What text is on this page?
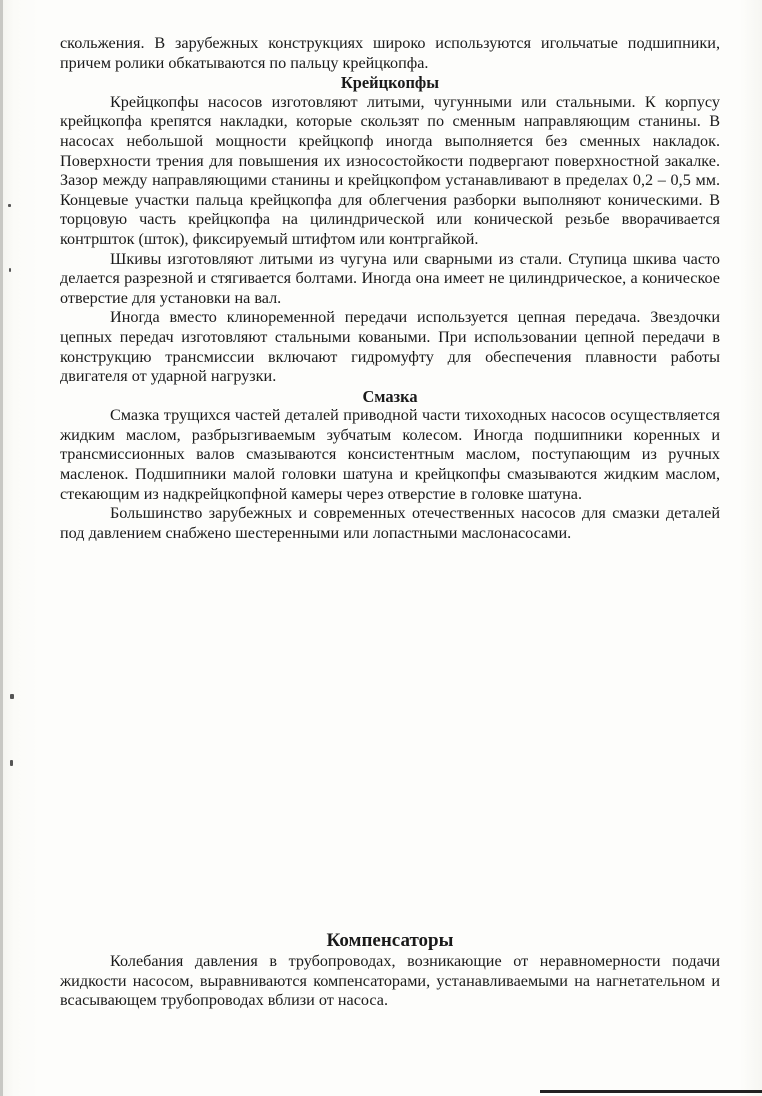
скольжения. В зарубежных конструкциях широко используются игольчатые подшипники, причем ролики обкатываются по пальцу крейцкопфа.

Крейцкопфы

Крейцкопфы насосов изготовляют литыми, чугунными или стальными. К корпусу крейцкопфа крепятся накладки, которые скользят по сменным направляющим станины. В насосах небольшой мощности крейцкопф иногда выполняется без сменных накладок. Поверхности трения для повышения их износостойкости подвергают поверхностной закалке. Зазор между направляющими станины и крейцкопфом устанавливают в пределах 0,2 – 0,5 мм. Концевые участки пальца крейцкопфа для облегчения разборки выполняют коническими. В торцовую часть крейцкопфа на цилиндрической или конической резьбе вворачивается контршток (шток), фиксируемый штифтом или контргайкой.

Шкивы изготовляют литыми из чугуна или сварными из стали. Ступица шкива часто делается разрезной и стягивается болтами. Иногда она имеет не цилиндрическое, а коническое отверстие для установки на вал.

Иногда вместо клиноременной передачи используется цепная передача. Звездочки цепных передач изготовляют стальными коваными. При использовании цепной передачи в конструкцию трансмиссии включают гидромуфту для обеспечения плавности работы двигателя от ударной нагрузки.

Смазка

Смазка трущихся частей деталей приводной части тихоходных насосов осуществляется жидким маслом, разбрызгиваемым зубчатым колесом. Иногда подшипники коренных и трансмиссионных валов смазываются консистентным маслом, поступающим из ручных масленок. Подшипники малой головки шатуна и крейцкопфы смазываются жидким маслом, стекающим из надкрейцкопфной камеры через отверстие в головке шатуна.

Большинство зарубежных и современных отечественных насосов для смазки деталей под давлением снабжено шестеренными или лопастными маслонасосами.

Компенсаторы

Колебания давления в трубопроводах, возникающие от неравномерности подачи жидкости насосом, выравниваются компенсаторами, устанавливаемыми на нагнетательном и всасывающем трубопроводах вблизи от насоса.
